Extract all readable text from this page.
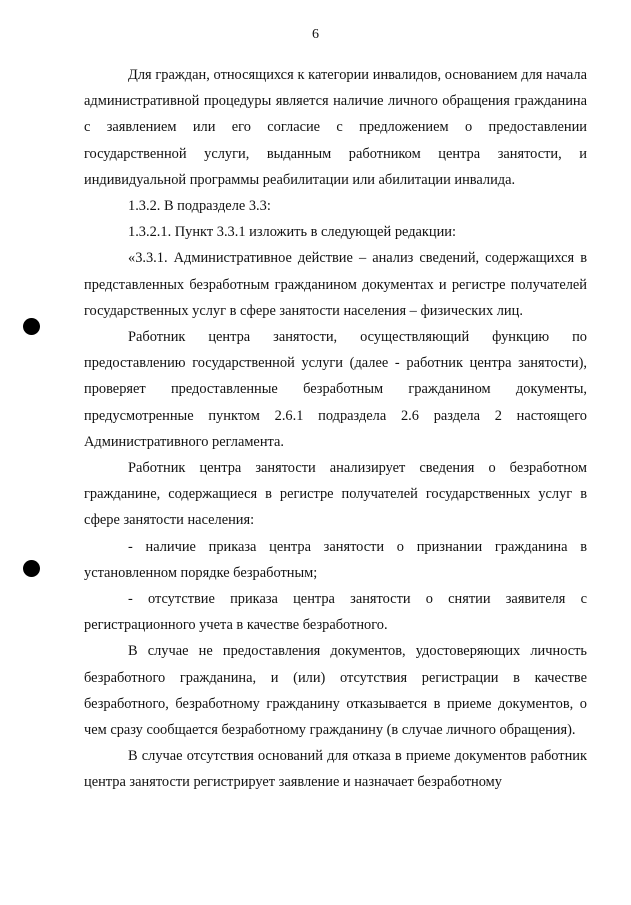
6

Для граждан, относящихся к категории инвалидов, основанием для начала административной процедуры является наличие личного обращения гражданина с заявлением или его согласие с предложением о предоставлении государственной услуги, выданным работником центра занятости, и индивидуальной программы реабилитации или абилитации инвалида.

1.3.2. В подразделе 3.3:

1.3.2.1. Пункт 3.3.1 изложить в следующей редакции:

«3.3.1. Административное действие – анализ сведений, содержащихся в представленных безработным гражданином документах и регистре получателей государственных услуг в сфере занятости населения – физических лиц.

Работник центра занятости, осуществляющий функцию по предоставлению государственной услуги (далее - работник центра занятости), проверяет предоставленные безработным гражданином документы, предусмотренные пунктом 2.6.1 подраздела 2.6 раздела 2 настоящего Административного регламента.

Работник центра занятости анализирует сведения о безработном гражданине, содержащиеся в регистре получателей государственных услуг в сфере занятости населения:

- наличие приказа центра занятости о признании гражданина в установленном порядке безработным;

- отсутствие приказа центра занятости о снятии заявителя с регистрационного учета в качестве безработного.

В случае не предоставления документов, удостоверяющих личность безработного гражданина, и (или) отсутствия регистрации в качестве безработного, безработному гражданину отказывается в приеме документов, о чем сразу сообщается безработному гражданину (в случае личного обращения).

В случае отсутствия оснований для отказа в приеме документов работник центра занятости регистрирует заявление и назначает безработному
